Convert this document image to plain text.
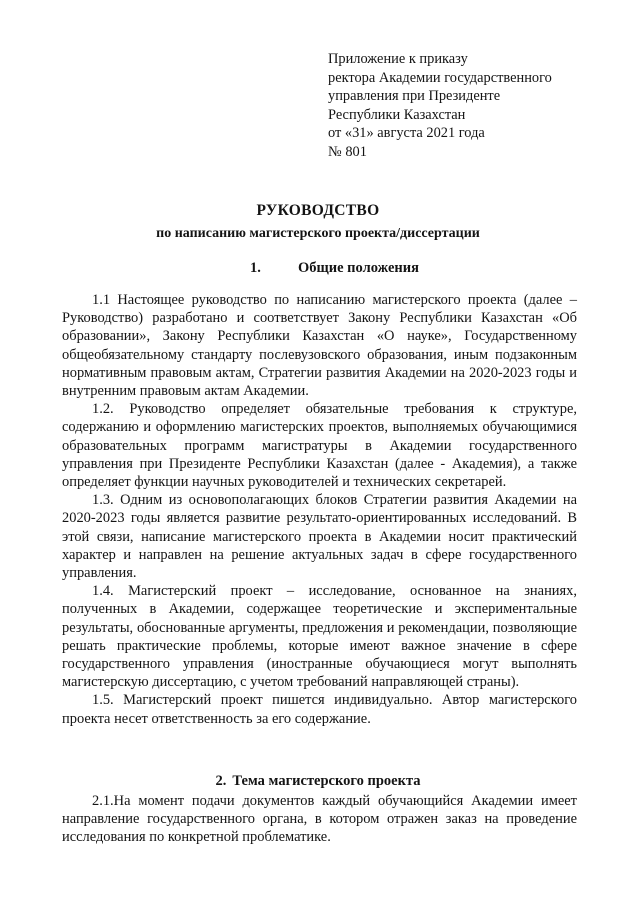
Приложение к приказу
ректора Академии государственного
управления при Президенте
Республики Казахстан
от «31» августа 2021 года
№ 801
РУКОВОДСТВО
по написанию магистерского проекта/диссертации
1.	Общие положения

1.1 Настоящее руководство по написанию магистерского проекта (далее – Руководство) разработано и соответствует Закону Республики Казахстан «Об образовании», Закону Республики Казахстан «О науке», Государственному общеобязательному стандарту послевузовского образования, иным подзаконным нормативным правовым актам, Стратегии развития Академии на 2020-2023 годы и внутренним правовым актам Академии.

1.2. Руководство определяет обязательные требования к структуре, содержанию и оформлению магистерских проектов, выполняемых обучающимися образовательных программ магистратуры в Академии государственного управления при Президенте Республики Казахстан (далее - Академия), а также определяет функции научных руководителей и технических секретарей.

1.3. Одним из основополагающих блоков Стратегии развития Академии на 2020-2023 годы является развитие результато-ориентированных исследований. В этой связи, написание магистерского проекта в Академии носит практический характер и направлен на решение актуальных задач в сфере государственного управления.

1.4. Магистерский проект – исследование, основанное на знаниях, полученных в Академии, содержащее теоретические и экспериментальные результаты, обоснованные аргументы, предложения и рекомендации, позволяющие решать практические проблемы, которые имеют важное значение в сфере государственного управления (иностранные обучающиеся могут выполнять магистерскую диссертацию, с учетом требований направляющей страны).

1.5. Магистерский проект пишется индивидуально. Автор магистерского проекта несет ответственность за его содержание.

2. Тема магистерского проекта

2.1.На момент подачи документов каждый обучающийся Академии имеет направление государственного органа, в котором отражен заказ на проведение исследования по конкретной проблематике.
